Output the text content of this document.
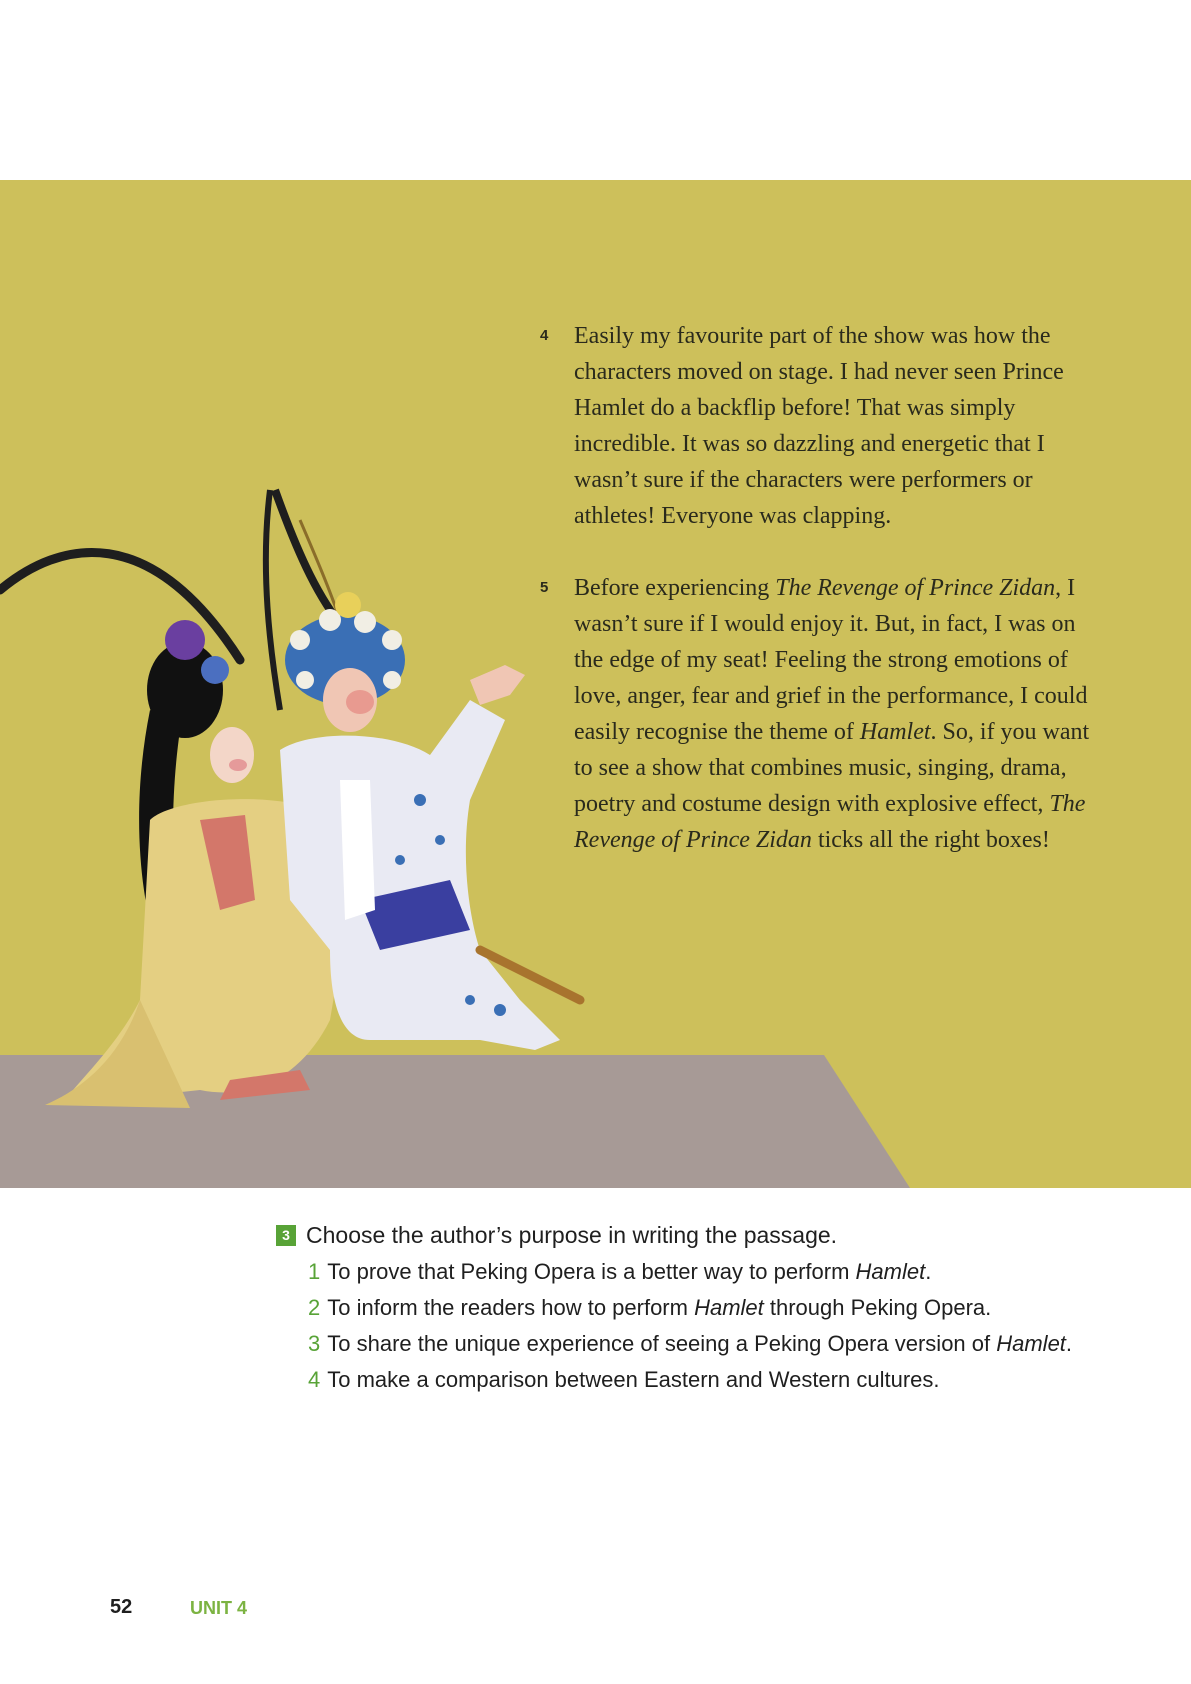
4 Easily my favourite part of the show was how the characters moved on stage. I had never seen Prince Hamlet do a backflip before! That was simply incredible. It was so dazzling and energetic that I wasn’t sure if the characters were performers or athletes! Everyone was clapping.

5 Before experiencing The Revenge of Prince Zidan, I wasn’t sure if I would enjoy it. But, in fact, I was on the edge of my seat! Feeling the strong emotions of love, anger, fear and grief in the performance, I could easily recognise the theme of Hamlet. So, if you want to see a show that combines music, singing, drama, poetry and costume design with explosive effect, The Revenge of Prince Zidan ticks all the right boxes!

3 Choose the author’s purpose in writing the passage.
1 To prove that Peking Opera is a better way to perform Hamlet.
2 To inform the readers how to perform Hamlet through Peking Opera.
3 To share the unique experience of seeing a Peking Opera version of Hamlet.
4 To make a comparison between Eastern and Western cultures.
52	UNIT 4
